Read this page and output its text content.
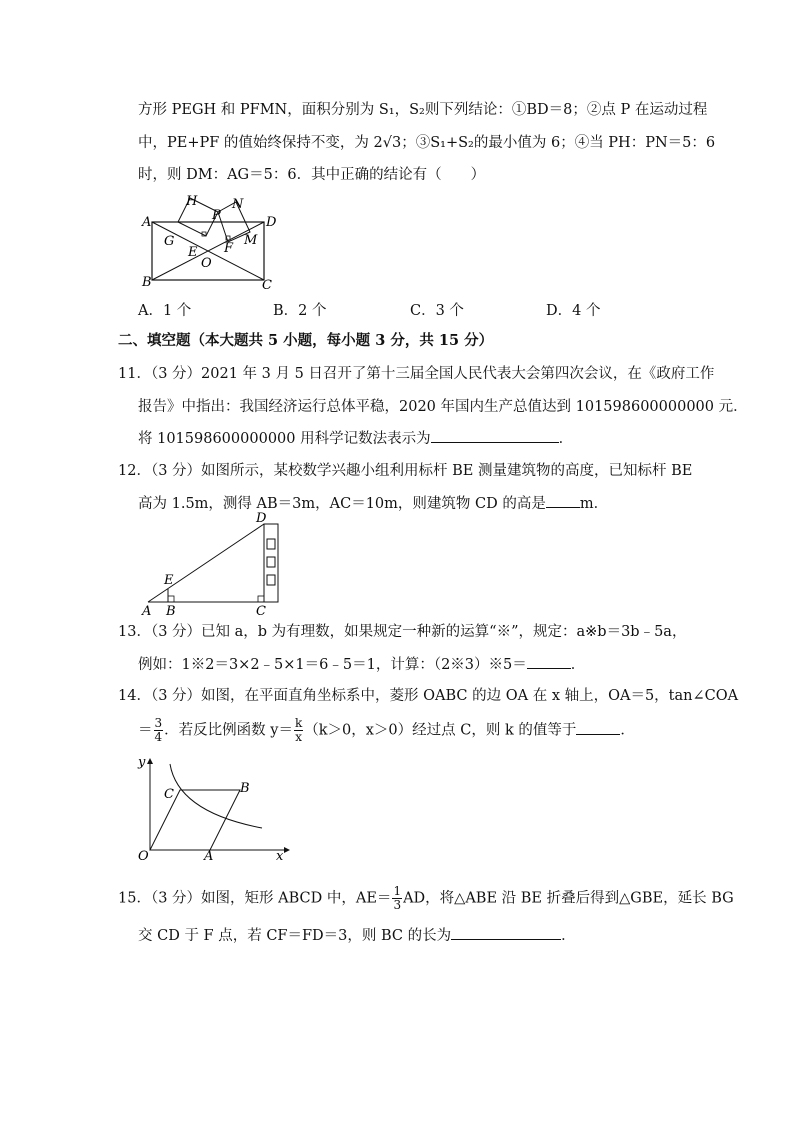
方形 PEGH 和 PFMN，面积分别为 S₁，S₂则下列结论：①BD＝8；②点 P 在运动过程
中，PE+PF 的值始终保持不变，为 2√3；③S₁+S₂的最小值为 6；④当 PH：PN＝5：6
时，则 DM：AG＝5：6．其中正确的结论有（　　）
A	D
B	C
H
P
N
G
E F
M
O
A．1 个	B．2 个	C．3 个	D．4 个
二、填空题（本大题共 5 小题，每小题 3 分，共 15 分）
11．（3 分）2021 年 3 月 5 日召开了第十三届全国人民代表大会第四次会议，在《政府工作
报告》中指出：我国经济运行总体平稳，2020 年国内生产总值达到 101598600000000 元．
将 101598600000000 用科学记数法表示为	．
12．（3 分）如图所示，某校数学兴趣小组利用标杆 BE 测量建筑物的高度，已知标杆 BE
高为 1.5m，测得 AB＝3m，AC＝10m，则建筑物 CD 的高是 m．
D
E
A B	C
13．（3 分）已知 a，b 为有理数，如果规定一种新的运算“※”，规定：a※b＝3b﹣5a，
例如：1※2＝3×2﹣5×1＝6﹣5＝1，计算：（2※3）※5＝	．
14．（3 分）如图，在平面直角坐标系中，菱形 OABC 的边 OA 在 x 轴上，OA＝5，tan∠COA
＝ $\frac{3}{4}$ ．若反比例函数 $y= \frac{k}{x} (k>0$，x＞0）经过点 C，则 k 的值等于	．
y
x
O	A
B
C
15．（3 分）如图，矩形 ABCD 中，$AE= \frac{1}{3}$ AD，将△ABE 沿 BE 折叠后得到△GBE，延长 BG
交 CD 于 F 点，若 CF＝FD＝3，则 BC 的长为	．
